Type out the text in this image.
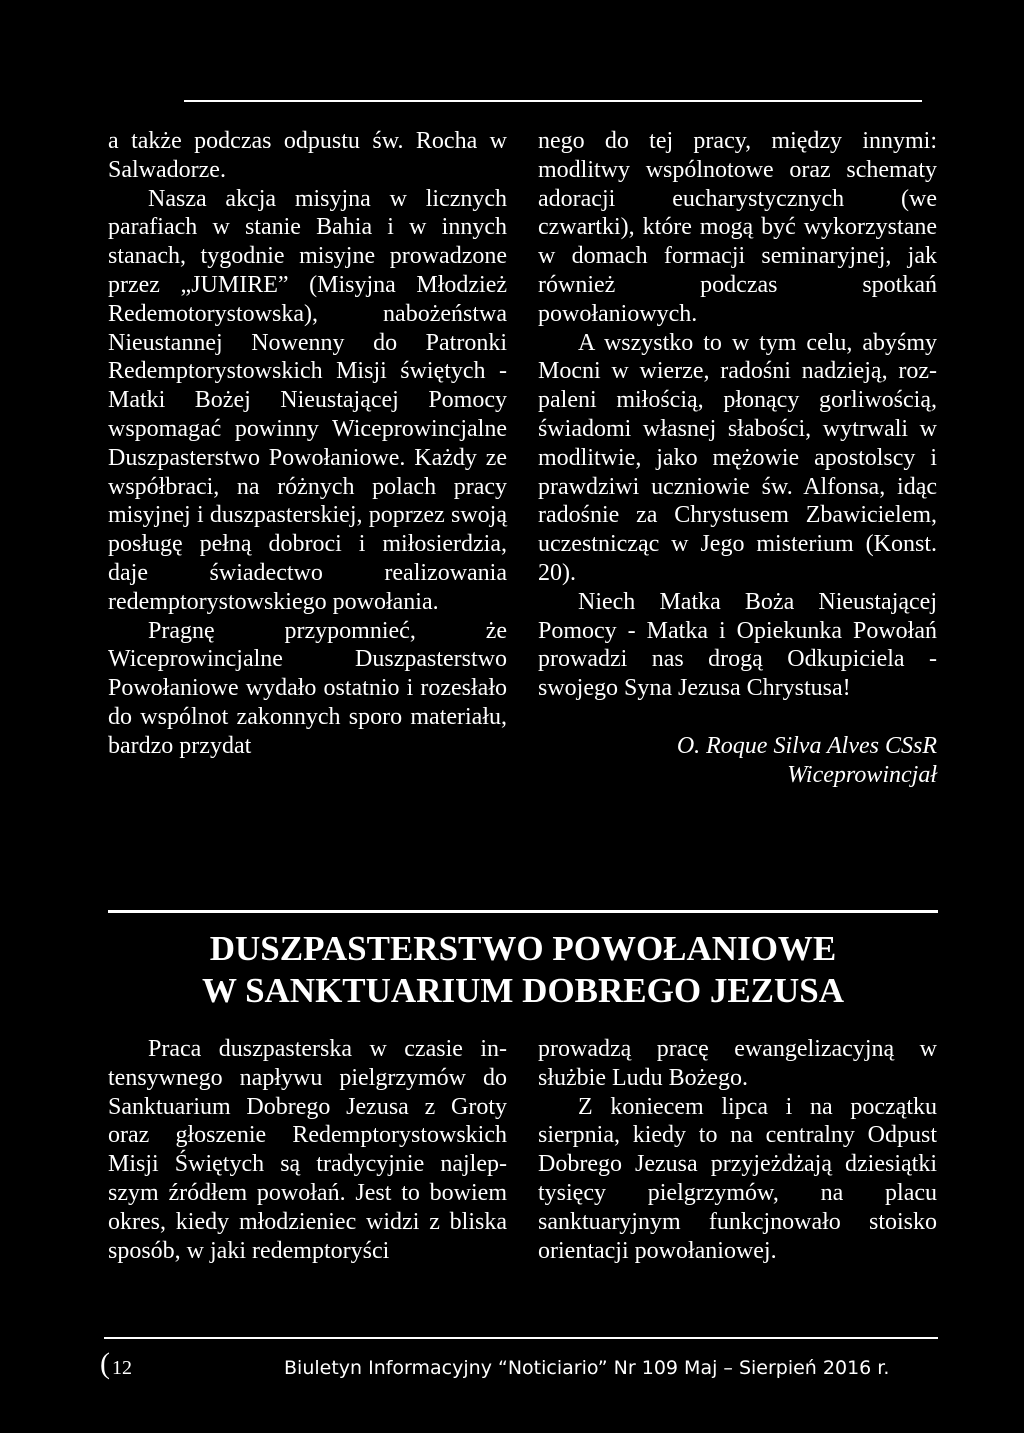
a także podczas odpustu św. Rocha w Salwadorze.

Nasza akcja misyjna w licznych parafiach w stanie Bahia i w innych stanach, tygodnie misyjne prowadzone przez „JUMIRE” (Misyjna Młodzież Redemotorystowska), nabożeństwa Nieustannej Nowenny do Patronki Redemptorystowskich Misji świętych - Matki Bożej Nieustającej Pomocy wspomagać powinny Wiceprowincjalne Duszpasterstwo Powołaniowe. Każdy ze współbraci, na różnych polach pracy misyjnej i duszpasterskiej, poprzez swoją posługę pełną dobroci i miłosierdzia, daje świadectwo realizowania redemptorystowskiego powołania.

Pragnę przypomnieć, że Wiceprowincjalne Duszpasterstwo Powołaniowe wydało ostatnio i rozesłało do wspólnot zakonnych sporo materiału, bardzo przydat

nego do tej pracy, między innymi: modlitwy wspólnotowe oraz schematy adoracji eucharystycznych (we czwartki), które mogą być wykorzystane w domach formacji seminaryjnej, jak również podczas spotkań powołaniowych.

A wszystko to w tym celu, abyśmy Mocni w wierze, radośni nadzieją, rozpaleni miłością, płonący gorliwością, świadomi własnej słabości, wytrwali w modlitwie, jako mężowie apostolscy i prawdziwi uczniowie św. Alfonsa, idąc radośnie za Chrystusem Zbawicielem, uczestnicząc w Jego misterium (Konst. 20).

Niech Matka Boża Nieustającej Pomocy - Matka i Opiekunka Powołań prowadzi nas drogą Odkupiciela - swojego Syna Jezusa Chrystusa!

O. Roque Silva Alves CSsR
Wiceprowincjał
DUSZPASTERSTWO POWOŁANIOWE
W SANKTUARIUM DOBREGO JEZUSA

Praca duszpasterska w czasie intensywnego napływu pielgrzymów do Sanktuarium Dobrego Jezusa z Groty oraz głoszenie Redemptorystowskich Misji Świętych są tradycyjnie najlepszym źródłem powołań. Jest to bowiem okres, kiedy młodzieniec widzi z bliska sposób, w jaki redemptoryści

prowadzą pracę ewangelizacyjną w służbie Ludu Bożego.

Z koniecem lipca i na początku sierpnia, kiedy to na centralny Odpust Dobrego Jezusa przyjeżdżają dziesiątki tysięcy pielgrzymów, na placu sanktuaryjnym funkcjnowało stoisko orientacji powołaniowej.

( 12	Biuletyn Informacyjny “Noticiario” Nr 109 Maj – Sierpień 2016 r.
